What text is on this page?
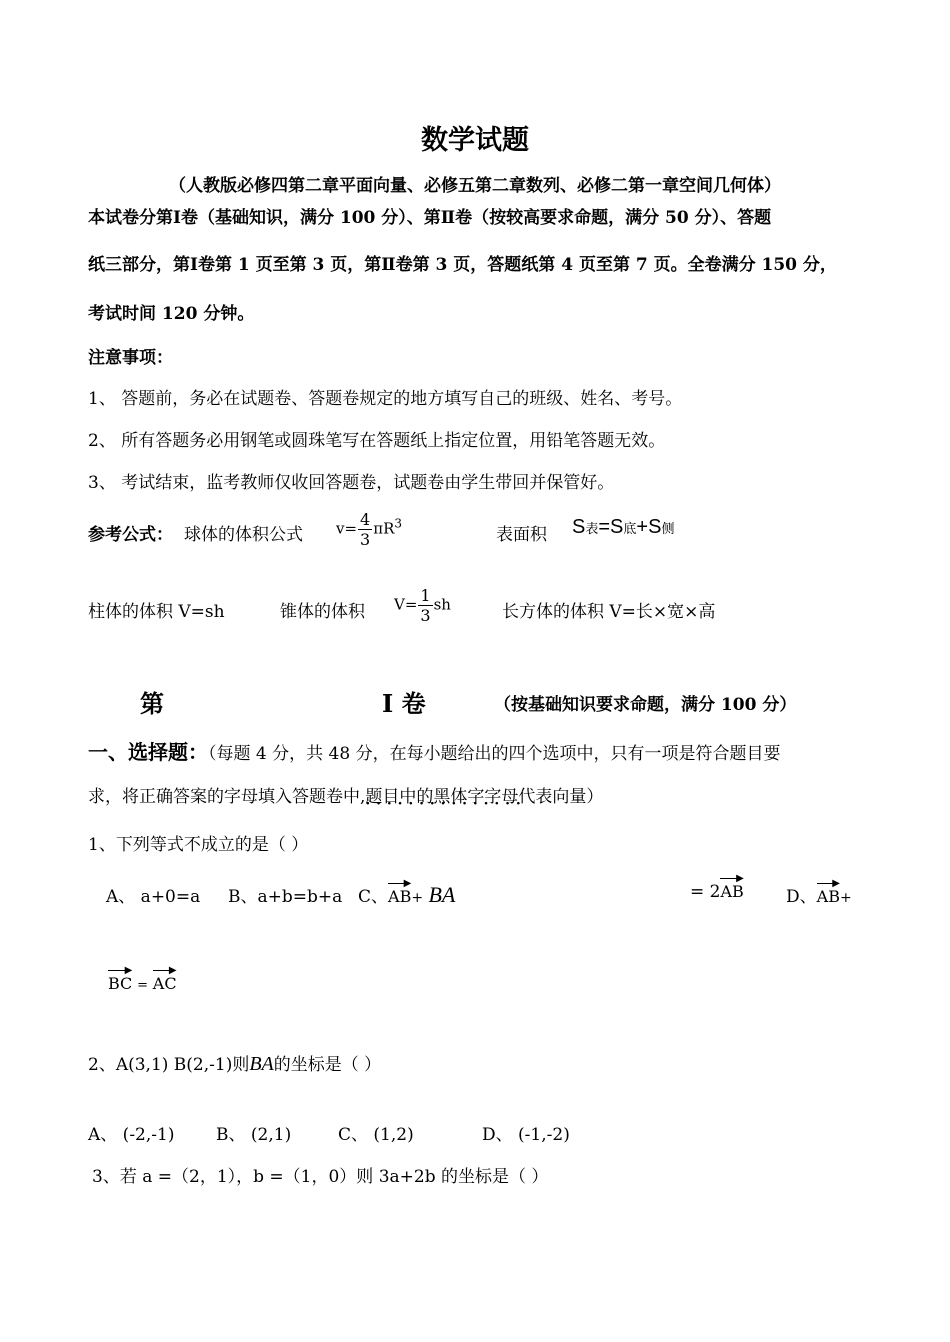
数学试题
（人教版必修四第二章平面向量、必修五第二章数列、必修二第一章空间几何体）
本试卷分第Ⅰ卷（基础知识，满分 100 分）、第Ⅱ卷（按较高要求命题，满分 50 分）、答题
纸三部分，第Ⅰ卷第 1 页至第 3 页，第Ⅱ卷第 3 页，答题纸第 4 页至第 7 页。全卷满分 150 分，
考试时间 120 分钟。
注意事项：
1、 答题前，务必在试题卷、答题卷规定的地方填写自己的班级、姓名、考号。
2、 所有答题务必用钢笔或圆珠笔写在答题纸上指定位置，用铅笔答题无效。
3、 考试结束，监考教师仅收回答题卷，试题卷由学生带回并保管好。
参考公式： 球体的体积公式 $v= \frac{4}{3} \pi R^3$
表面积 S表=S底+S侧
柱体的体积 V=sh	锥体的体积 $V= \frac{1}{3}$ sh	长方体的体积 V=长×宽×高
第	Ⅰ 卷	（按基础知识要求命题，满分 100 分）
一、选择题：（每题 4 分，共 48 分，在每小题给出的四个选项中，只有一项是符合题目要
求，将正确答案的字母填入答题卷中,题目中的黑体字字母代表向量 · · ·）
1、下列等式不成立的是（ ）
A、 a+0=a B、a+b=b+a C、AB
▶
+ BA	= 2AB
▶
D、AB
▶
+
BC
▶
= AC
▶
2、A(3,1) B(2,-1)则BA的坐标是（ ）
A、 (-2,-1) B、 (2,1)	C、 (1,2)	D、 (-1,-2)
3、若 a =（2，1），b =（1，0）则 3a+2b 的坐标是（ ）
